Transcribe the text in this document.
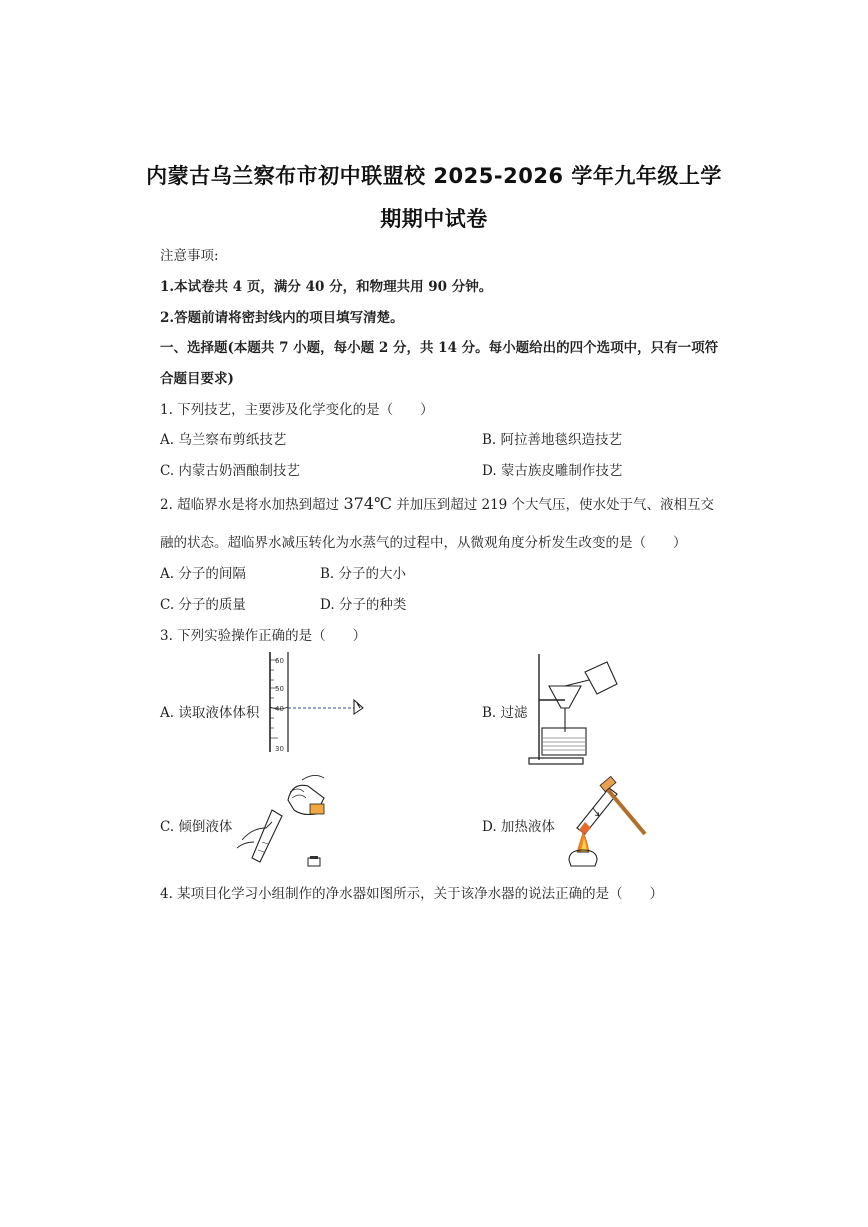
内蒙古乌兰察布市初中联盟校 2025-2026 学年九年级上学
期期中试卷
注意事项:
1.本试卷共 4 页，满分 40 分，和物理共用 90 分钟。
2.答题前请将密封线内的项目填写清楚。
一、选择题(本题共 7 小题，每小题 2 分，共 14 分。每小题给出的四个选项中，只有一项符
合题目要求)
1. 下列技艺，主要涉及化学变化的是（　　）
A. 乌兰察布剪纸技艺	B. 阿拉善地毯织造技艺
C. 内蒙古奶酒酿制技艺	D. 蒙古族皮雕制作技艺
2. 超临界水是将水加热到超过 374℃ 并加压到超过 219 个大气压，使水处于气、液相互交
融的状态。超临界水减压转化为水蒸气的过程中，从微观角度分析发生改变的是（　　）
A. 分子的间隔	B. 分子的大小
C. 分子的质量	D. 分子的种类
3. 下列实验操作正确的是（　　）
A. 读取液体体积	B. 过滤
C. 倾倒液体	D. 加热液体
60
50
40
30
4. 某项目化学习小组制作的净水器如图所示，关于该净水器的说法正确的是（　　）
